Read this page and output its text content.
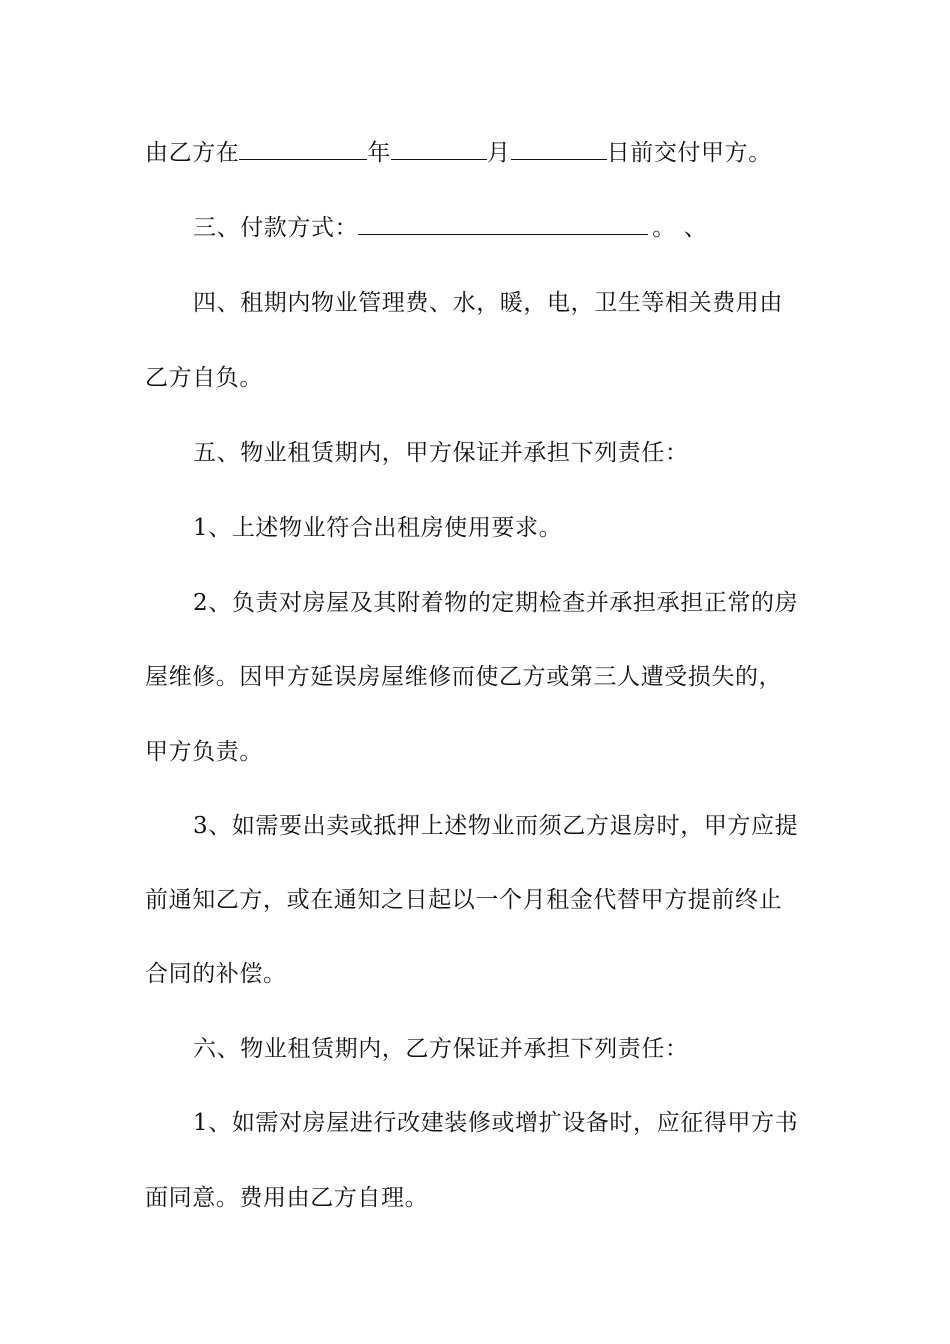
由乙方在	年	月	日前交付甲方。
三、付款方式：	。 、
四、租期内物业管理费、水，暖，电，卫生等相关费用由
乙方自负。
五、物业租赁期内，甲方保证并承担下列责任：
1、上述物业符合出租房使用要求。
2、负责对房屋及其附着物的定期检查并承担承担正常的房
屋维修。因甲方延误房屋维修而使乙方或第三人遭受损失的，
甲方负责。
3、如需要出卖或抵押上述物业而须乙方退房时，甲方应提
前通知乙方，或在通知之日起以一个月租金代替甲方提前终止
合同的补偿。
六、物业租赁期内，乙方保证并承担下列责任：
1、如需对房屋进行改建装修或增扩设备时，应征得甲方书
面同意。费用由乙方自理。
